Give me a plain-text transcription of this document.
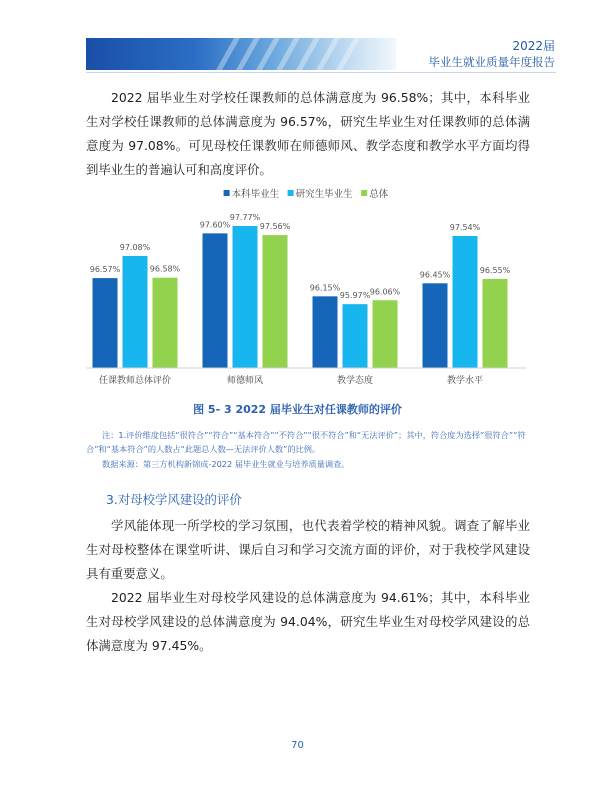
2022届
毕业生就业质量年度报告

2022 届毕业生对学校任课教师的总体满意度为 96.58%；其中，本科毕业生对学校任课教师的总体满意度为 96.57%，研究生毕业生对任课教师的总体满意度为 97.08%。可见母校任课教师在师德师风、教学态度和教学水平方面均得到毕业生的普遍认可和高度评价。

本科毕业生 研究生毕业生 总体
96.57%
97.08%
96.58%
任课教师总体评价
97.60%
97.77%
97.56%
师德师风
96.15%
95.97% 96.06%
教学态度
96.45%
97.54%
96.55%
教学水平
图 5- 3 2022 届毕业生对任课教师的评价

注：1.评价维度包括“很符合”“符合”“基本符合”“不符合”“很不符合”和“无法评价”；其中，符合度为选择“很符合”“符合”和“基本符合”的人数占“此题总人数—无法评价人数”的比例。

数据来源：第三方机构新锦成-2022 届毕业生就业与培养质量调查。

3.对母校学风建设的评价

学风能体现一所学校的学习氛围，也代表着学校的精神风貌。调查了解毕业生对母校整体在课堂听讲、课后自习和学习交流方面的评价，对于我校学风建设具有重要意义。

2022 届毕业生对母校学风建设的总体满意度为 94.61%；其中，本科毕业生对母校学风建设的总体满意度为 94.04%，研究生毕业生对母校学风建设的总体满意度为 97.45%。

70
